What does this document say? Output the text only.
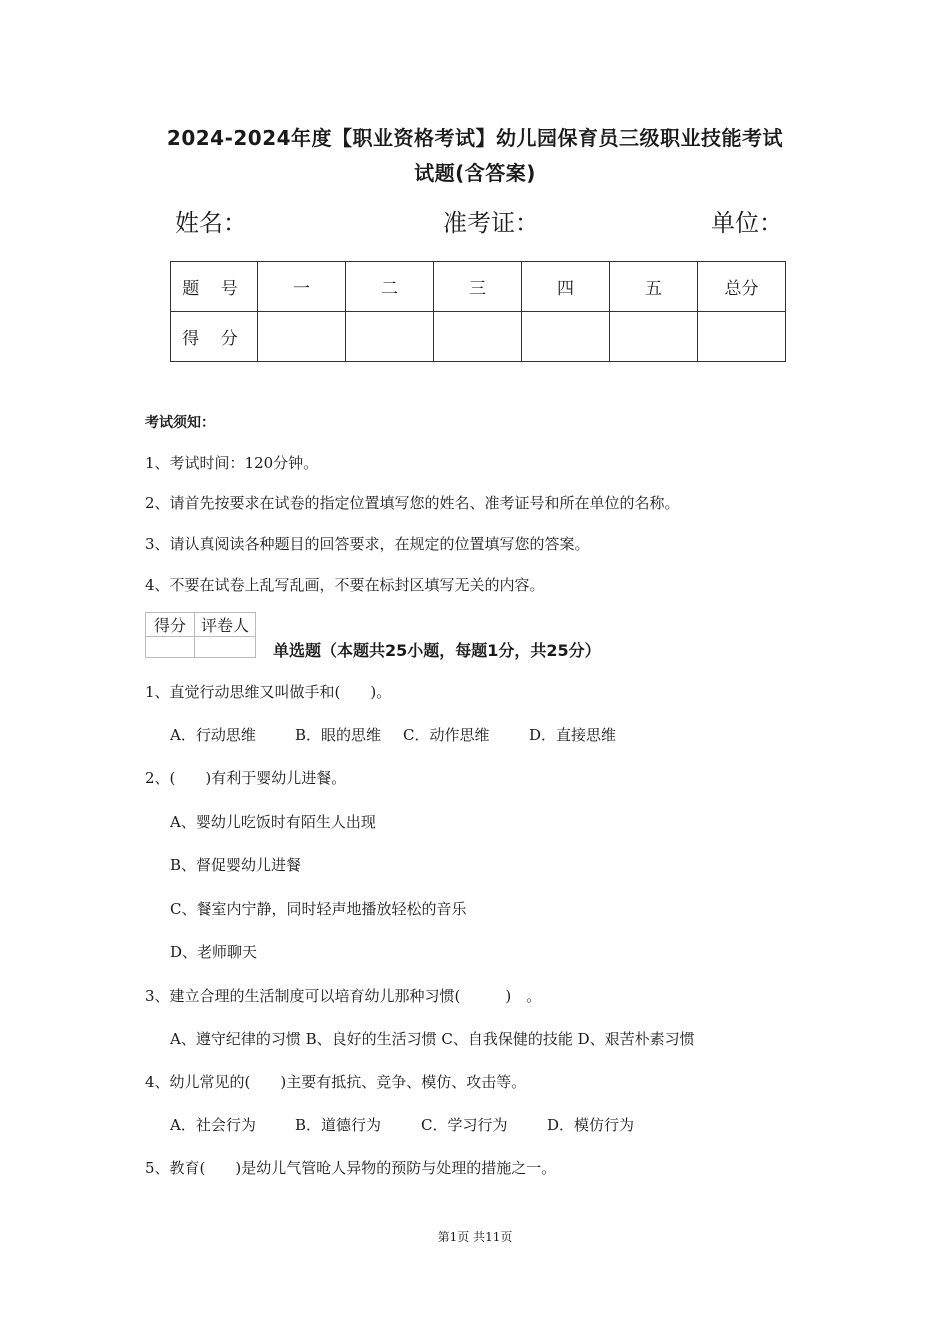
2024-2024年度【职业资格考试】幼儿园保育员三级职业技能考试
试题(含答案)
姓名：	准考证：	单位：
题 号	一	二	三	四	五	总分
得 分						
考试须知：
1、考试时间：120分钟。
2、请首先按要求在试卷的指定位置填写您的姓名、准考证号和所在单位的名称。
3、请认真阅读各种题目的回答要求，在规定的位置填写您的答案。
4、不要在试卷上乱写乱画，不要在标封区填写无关的内容。
得分	评卷人

单选题（本题共25小题，每题1分，共25分）
1、直觉行动思维又叫做手和(　　)。
A．行动思维	B．眼的思维 C．动作思维	D．直接思维
2、(　　)有利于婴幼儿进餐。
A、婴幼儿吃饭时有陌生人出现
B、督促婴幼儿进餐
C、餐室内宁静，同时轻声地播放轻松的音乐
D、老师聊天
3、建立合理的生活制度可以培育幼儿那种习惯(　　　)　。
A、遵守纪律的习惯 B、良好的生活习惯 C、自我保健的技能 D、艰苦朴素习惯
4、幼儿常见的(　　)主要有抵抗、竞争、模仿、攻击等。
A．社会行为	B．道德行为	C．学习行为	D．模仿行为
5、教育(　　)是幼儿气管呛人异物的预防与处理的措施之一。
第1页 共11页
